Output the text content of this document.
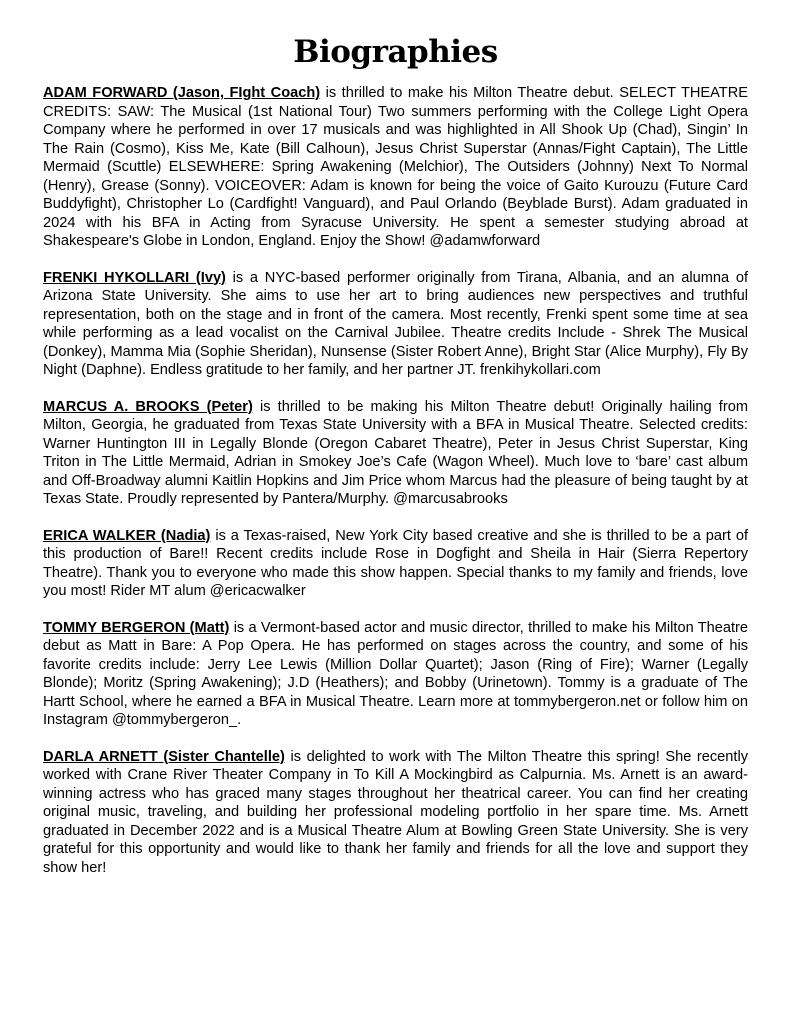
Biographies

ADAM FORWARD (Jason, FIght Coach) is thrilled to make his Milton Theatre debut. SELECT THEATRE CREDITS: SAW: The Musical (1st National Tour) Two summers performing with the College Light Opera Company where he performed in over 17 musicals and was highlighted in All Shook Up (Chad), Singin’ In The Rain (Cosmo), Kiss Me, Kate (Bill Calhoun), Jesus Christ Superstar (Annas/Fight Captain), The Little Mermaid (Scuttle) ELSEWHERE: Spring Awakening (Melchior), The Outsiders (Johnny) Next To Normal (Henry), Grease (Sonny). VOICEOVER: Adam is known for being the voice of Gaito Kurouzu (Future Card Buddyfight), Christopher Lo (Cardfight! Vanguard), and Paul Orlando (Beyblade Burst). Adam graduated in 2024 with his BFA in Acting from Syracuse University. He spent a semester studying abroad at Shakespeare's Globe in London, England. Enjoy the Show! @adamwforward

FRENKI HYKOLLARI (Ivy) is a NYC-based performer originally from Tirana, Albania, and an alumna of Arizona State University. She aims to use her art to bring audiences new perspectives and truthful representation, both on the stage and in front of the camera. Most recently, Frenki spent some time at sea while performing as a lead vocalist on the Carnival Jubilee. Theatre credits Include - Shrek The Musical (Donkey), Mamma Mia (Sophie Sheridan), Nunsense (Sister Robert Anne), Bright Star (Alice Murphy), Fly By Night (Daphne). Endless gratitude to her family, and her partner JT. frenkihykollari.com

MARCUS A. BROOKS (Peter) is thrilled to be making his Milton Theatre debut! Originally hailing from Milton, Georgia, he graduated from Texas State University with a BFA in Musical Theatre. Selected credits: Warner Huntington III in Legally Blonde (Oregon Cabaret Theatre), Peter in Jesus Christ Superstar, King Triton in The Little Mermaid, Adrian in Smokey Joe’s Cafe (Wagon Wheel). Much love to ‘bare’ cast album and Off-Broadway alumni Kaitlin Hopkins and Jim Price whom Marcus had the pleasure of being taught by at Texas State. Proudly represented by Pantera/Murphy. @marcusabrooks

ERICA WALKER (Nadia) is a Texas-raised, New York City based creative and she is thrilled to be a part of this production of Bare!! Recent credits include Rose in Dogfight and Sheila in Hair (Sierra Repertory Theatre). Thank you to everyone who made this show happen. Special thanks to my family and friends, love you most! Rider MT alum @ericacwalker

TOMMY BERGERON (Matt) is a Vermont-based actor and music director, thrilled to make his Milton Theatre debut as Matt in Bare: A Pop Opera. He has performed on stages across the country, and some of his favorite credits include: Jerry Lee Lewis (Million Dollar Quartet); Jason (Ring of Fire); Warner (Legally Blonde); Moritz (Spring Awakening); J.D (Heathers); and Bobby (Urinetown). Tommy is a graduate of The Hartt School, where he earned a BFA in Musical Theatre. Learn more at tommybergeron.net or follow him on Instagram @tommybergeron_.

DARLA ARNETT (Sister Chantelle) is delighted to work with The Milton Theatre this spring! She recently worked with Crane River Theater Company in To Kill A Mockingbird as Calpurnia. Ms. Arnett is an award-winning actress who has graced many stages throughout her theatrical career. You can find her creating original music, traveling, and building her professional modeling portfolio in her spare time. Ms. Arnett graduated in December 2022 and is a Musical Theatre Alum at Bowling Green State University. She is very grateful for this opportunity and would like to thank her family and friends for all the love and support they show her!
